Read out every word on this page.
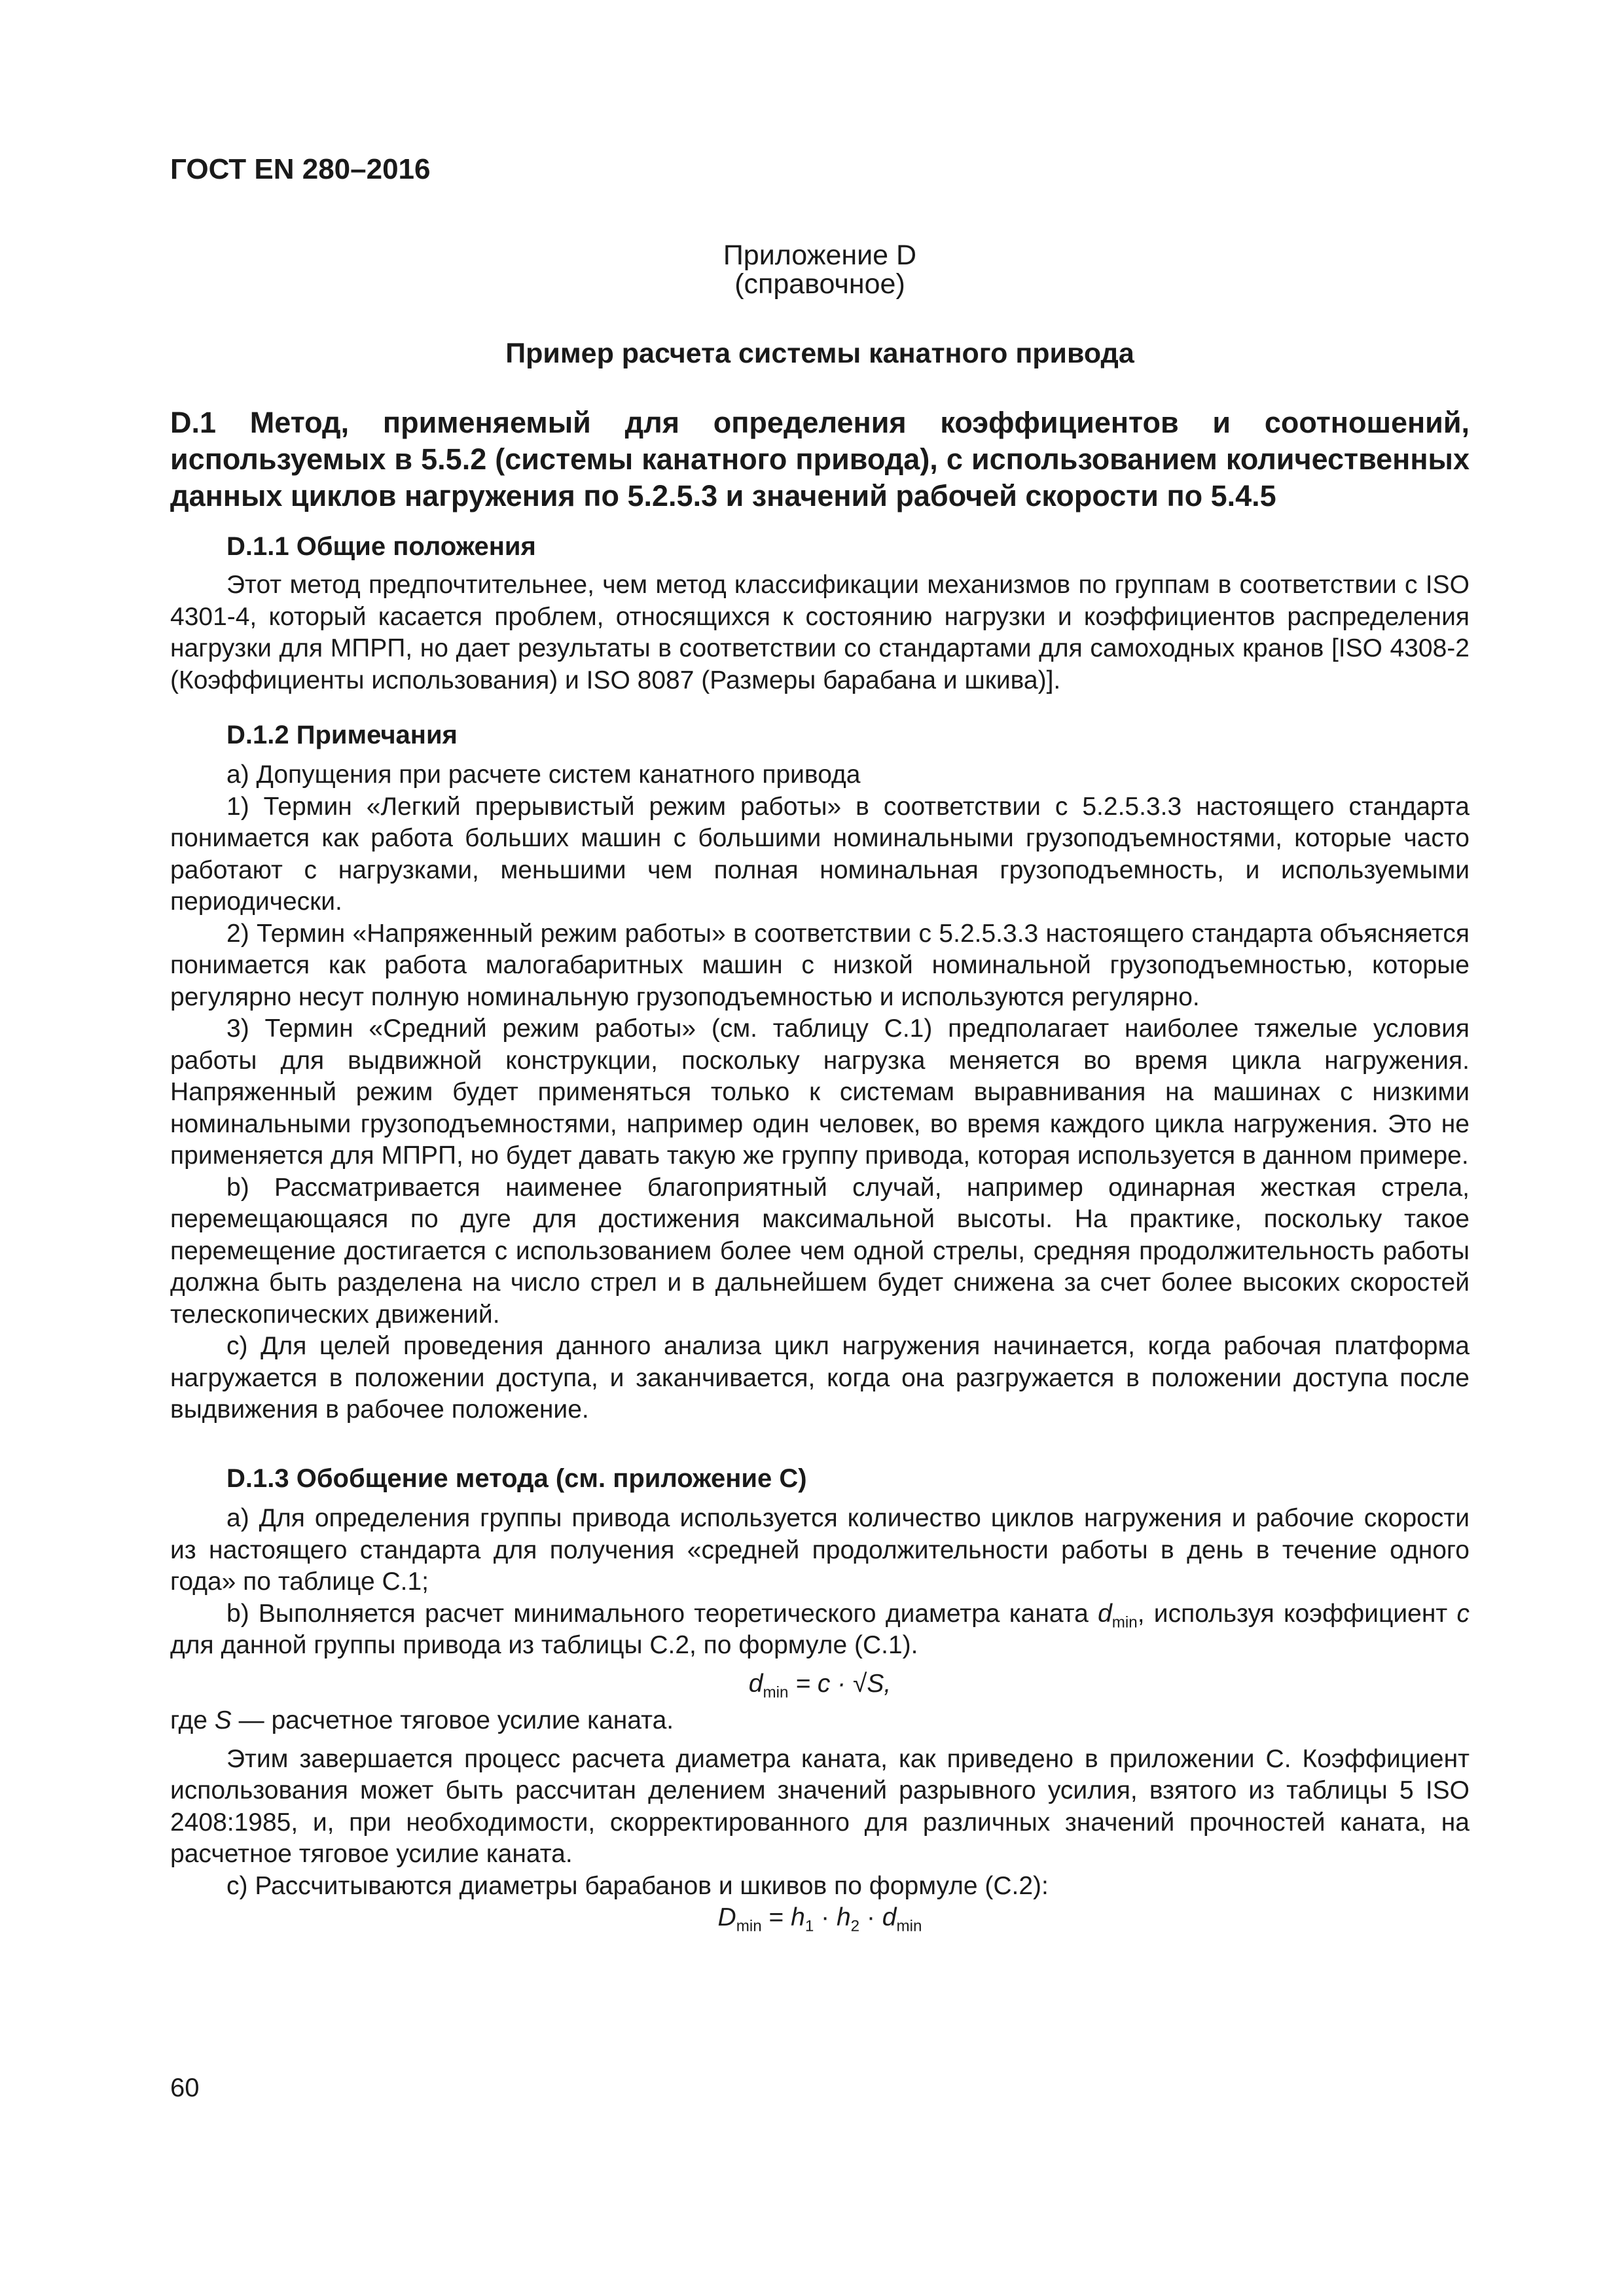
ГОСТ EN 280–2016
Приложение D
(справочное)
Пример расчета системы канатного привода
D.1 Метод, применяемый для определения коэффициентов и соотношений, используемых в 5.5.2 (системы канатного привода), с использованием количественных данных циклов нагружения по 5.2.5.3 и значений рабочей скорости по 5.4.5

D.1.1 Общие положения

Этот метод предпочтительнее, чем метод классификации механизмов по группам в соответствии с ISO 4301-4, который касается проблем, относящихся к состоянию нагрузки и коэффициентов распределения нагрузки для МПРП, но дает результаты в соответствии со стандартами для самоходных кранов [ISO 4308-2 (Коэффициенты использования) и ISO 8087 (Размеры барабана и шкива)].

D.1.2 Примечания

а) Допущения при расчете систем канатного привода

1) Термин «Легкий прерывистый режим работы» в соответствии с 5.2.5.3.3 настоящего стандарта понимается как работа больших машин с большими номинальными грузоподъемностями, которые часто работают с нагрузками, меньшими чем полная номинальная грузоподъемность, и используемыми периодически.

2) Термин «Напряженный режим работы» в соответствии с 5.2.5.3.3 настоящего стандарта объясняется понимается как работа малогабаритных машин с низкой номинальной грузоподъемностью, которые регулярно несут полную номинальную грузоподъемностью и используются регулярно.

3) Термин «Средний режим работы» (см. таблицу С.1) предполагает наиболее тяжелые условия работы для выдвижной конструкции, поскольку нагрузка меняется во время цикла нагружения. Напряженный режим будет применяться только к системам выравнивания на машинах с низкими номинальными грузоподъемностями, например один человек, во время каждого цикла нагружения. Это не применяется для МПРП, но будет давать такую же группу привода, которая используется в данном примере.

b) Рассматривается наименее благоприятный случай, например одинарная жесткая стрела, перемещающаяся по дуге для достижения максимальной высоты. На практике, поскольку такое перемещение достигается с использованием более чем одной стрелы, средняя продолжительность работы должна быть разделена на число стрел и в дальнейшем будет снижена за счет более высоких скоростей телескопических движений.

с) Для целей проведения данного анализа цикл нагружения начинается, когда рабочая платформа нагружается в положении доступа, и заканчивается, когда она разгружается в положении доступа после выдвижения в рабочее положение.

D.1.3 Обобщение метода (см. приложение С)

а) Для определения группы привода используется количество циклов нагружения и рабочие скорости из настоящего стандарта для получения «средней продолжительности работы в день в течение одного года» по таблице С.1;

b) Выполняется расчет минимального теоретического диаметра каната $d_{min}$, используя коэффициент c для данной группы привода из таблицы С.2, по формуле (С.1).

$d_{min} = c \cdot √S$,

где S — расчетное тяговое усилие каната.

Этим завершается процесс расчета диаметра каната, как приведено в приложении С. Коэффициент использования может быть рассчитан делением значений разрывного усилия, взятого из таблицы 5 ISO 2408:1985, и, при необходимости, скорректированного для различных значений прочностей каната, на расчетное тяговое усилие каната.

с) Рассчитываются диаметры барабанов и шкивов по формуле (С.2):

$D_{min} = h_1 \cdot h_2 \cdot d_{min}$

60
